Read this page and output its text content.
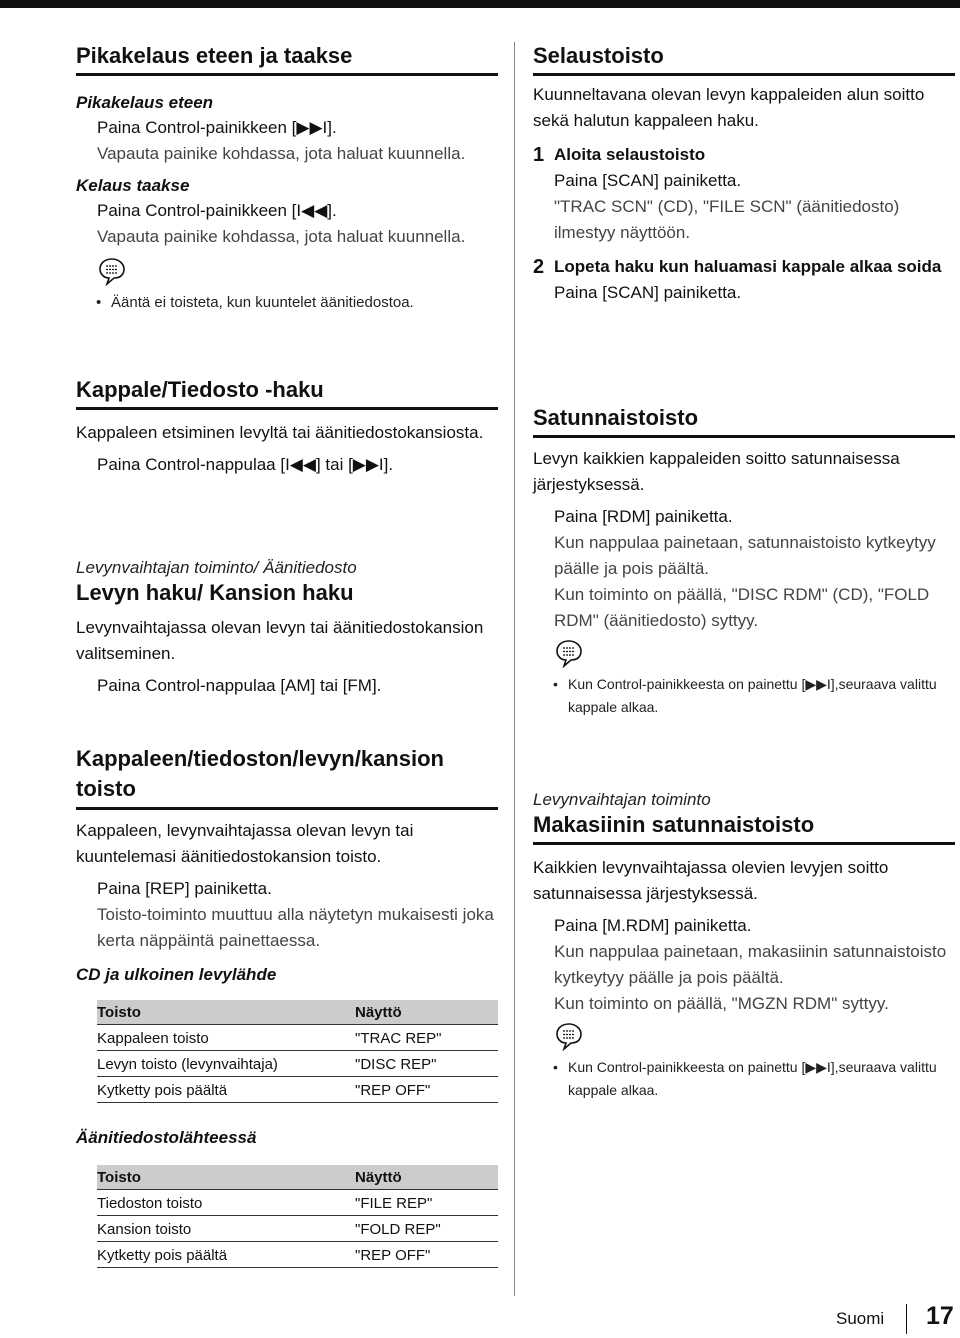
Pikakelaus eteen ja taakse
Pikakelaus eteen
Paina Control-painikkeen [▶▶I].
Vapauta painike kohdassa, jota haluat kuunnella.
Kelaus taakse
Paina Control-painikkeen [I◀◀].
Vapauta painike kohdassa, jota haluat kuunnella.
• Ääntä ei toisteta, kun kuuntelet äänitiedostoa.
Kappale/Tiedosto -haku
Kappaleen etsiminen levyltä tai äänitiedostokansiosta.
Paina Control-nappulaa [I◀◀] tai [▶▶I].
Levynvaihtajan toiminto/ Äänitiedosto
Levyn haku/ Kansion haku
Levynvaihtajassa olevan levyn tai äänitiedostokansion valitseminen.
Paina Control-nappulaa [AM] tai [FM].
Kappaleen/tiedoston/levyn/kansion toisto
Kappaleen, levynvaihtajassa olevan levyn tai kuuntelemasi äänitiedostokansion toisto.
Paina [REP] painiketta.
Toisto-toiminto muuttuu alla näytetyn mukaisesti joka kerta näppäintä painettaessa.
CD ja ulkoinen levylähde
Toisto	Näyttö
Kappaleen toisto	"TRAC REP"
Levyn toisto (levynvaihtaja)	"DISC REP"
Kytketty pois päältä	"REP OFF"
Äänitiedostolähteessä
Toisto	Näyttö
Tiedoston toisto	"FILE REP"
Kansion toisto	"FOLD REP"
Kytketty pois päältä	"REP OFF"
Selaustoisto
Kuunneltavana olevan levyn kappaleiden alun soitto sekä halutun kappaleen haku.
1 Aloita selaustoisto
Paina [SCAN] painiketta.
"TRAC SCN" (CD), "FILE SCN" (äänitiedosto) ilmestyy näyttöön.
2 Lopeta haku kun haluamasi kappale alkaa soida
Paina [SCAN] painiketta.
Satunnaistoisto
Levyn kaikkien kappaleiden soitto satunnaisessa järjestyksessä.
Paina [RDM] painiketta.
Kun nappulaa painetaan, satunnaistoisto kytkeytyy päälle ja pois päältä.
Kun toiminto on päällä, "DISC RDM" (CD), "FOLD RDM" (äänitiedosto) syttyy.
• Kun Control-painikkeesta on painettu [▶▶I],seuraava valittu kappale alkaa.
Levynvaihtajan toiminto
Makasiinin satunnaistoisto
Kaikkien levynvaihtajassa olevien levyjen soitto satunnaisessa järjestyksessä.
Paina [M.RDM] painiketta.
Kun nappulaa painetaan, makasiinin satunnaistoisto kytkeytyy päälle ja pois päältä.
Kun toiminto on päällä, "MGZN RDM" syttyy.
• Kun Control-painikkeesta on painettu [▶▶I],seuraava valittu kappale alkaa.
Suomi 17
